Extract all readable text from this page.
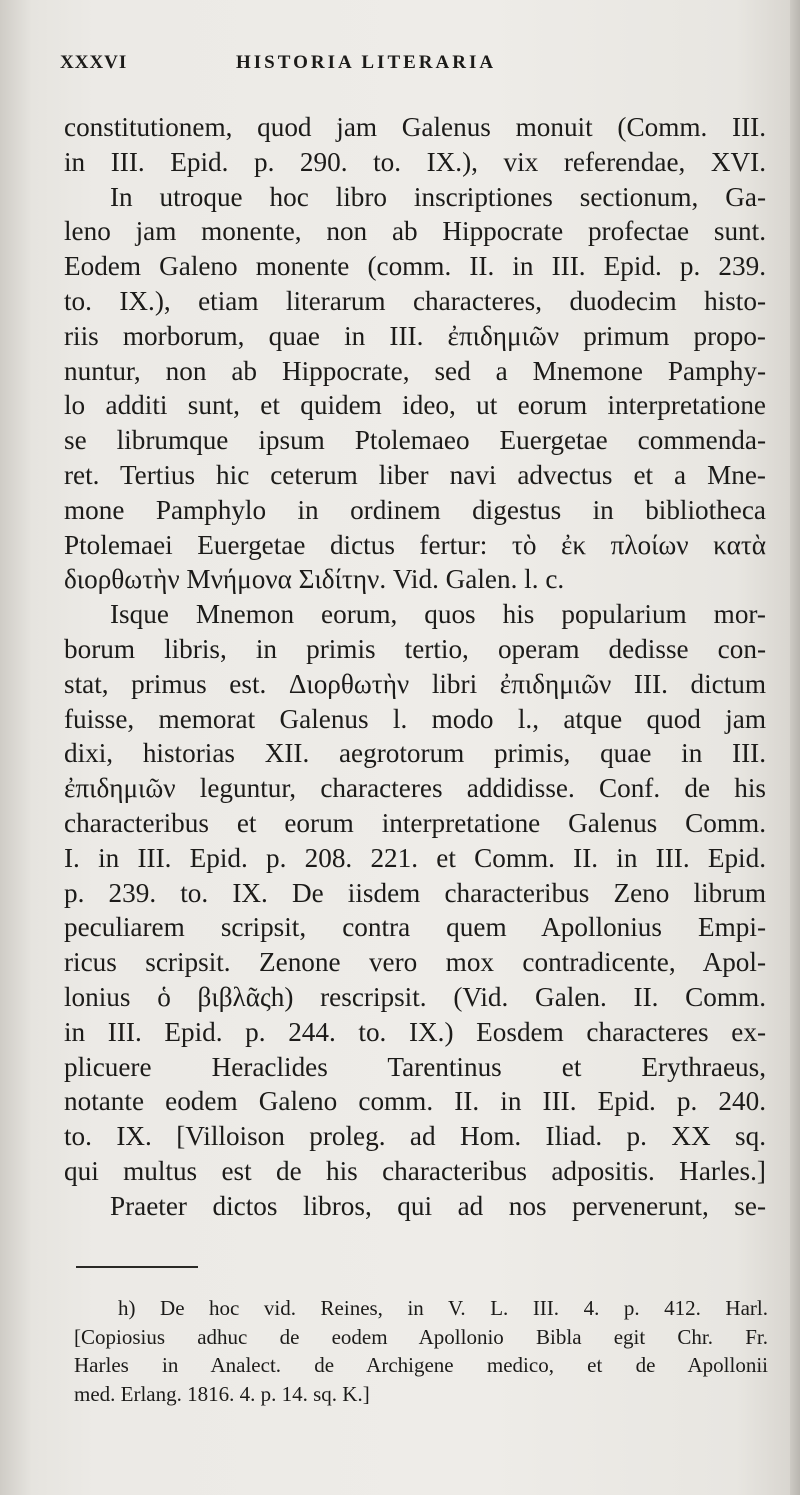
XXXVI	HISTORIA LITERARIA
constitutionem, quod jam Galenus monuit (Comm. III.
in III. Epid. p. 290. to. IX.), vix referendae, XVI.
In utroque hoc libro inscriptiones sectionum, Ga-
leno jam monente, non ab Hippocrate profectae sunt.
Eodem Galeno monente (comm. II. in III. Epid. p. 239.
to. IX.), etiam literarum characteres, duodecim histo-
riis morborum, quae in III. ἐπιδημιῶν primum propo-
nuntur, non ab Hippocrate, sed a Mnemone Pamphy-
lo additi sunt, et quidem ideo, ut eorum interpretatione
se librumque ipsum Ptolemaeo Euergetae commenda-
ret. Tertius hic ceterum liber navi advectus et a Mne-
mone Pamphylo in ordinem digestus in bibliotheca
Ptolemaei Euergetae dictus fertur: τὸ ἐκ πλοίων κατὰ
διορθωτὴν Μνήμονα Σιδίτην. Vid. Galen. l. c.
Isque Mnemon eorum, quos his popularium mor-
borum libris, in primis tertio, operam dedisse con-
stat, primus est. Διορθωτὴν libri ἐπιδημιῶν III. dictum
fuisse, memorat Galenus l. modo l., atque quod jam
dixi, historias XII. aegrotorum primis, quae in III.
ἐπιδημιῶν leguntur, characteres addidisse. Conf. de his
characteribus et eorum interpretatione Galenus Comm.
I. in III. Epid. p. 208. 221. et Comm. II. in III. Epid.
p. 239. to. IX. De iisdem characteribus Zeno librum
peculiarem scripsit, contra quem Apollonius Empi-
ricus scripsit. Zenone vero mox contradicente, Apol-
lonius ὁ βιβλᾶςh) rescripsit. (Vid. Galen. II. Comm.
in III. Epid. p. 244. to. IX.) Eosdem characteres ex-
plicuere Heraclides Tarentinus et Erythraeus,
notante eodem Galeno comm. II. in III. Epid. p. 240.
to. IX. [Villoison proleg. ad Hom. Iliad. p. XX sq.
qui multus est de his characteribus adpositis. Harles.]
Praeter dictos libros, qui ad nos pervenerunt, se-
h) De hoc vid. Reines, in V. L. III. 4. p. 412. Harl.
[Copiosius adhuc de eodem Apollonio Bibla egit Chr. Fr.
Harles in Analect. de Archigene medico, et de Apollonii
med. Erlang. 1816. 4. p. 14. sq. K.]
